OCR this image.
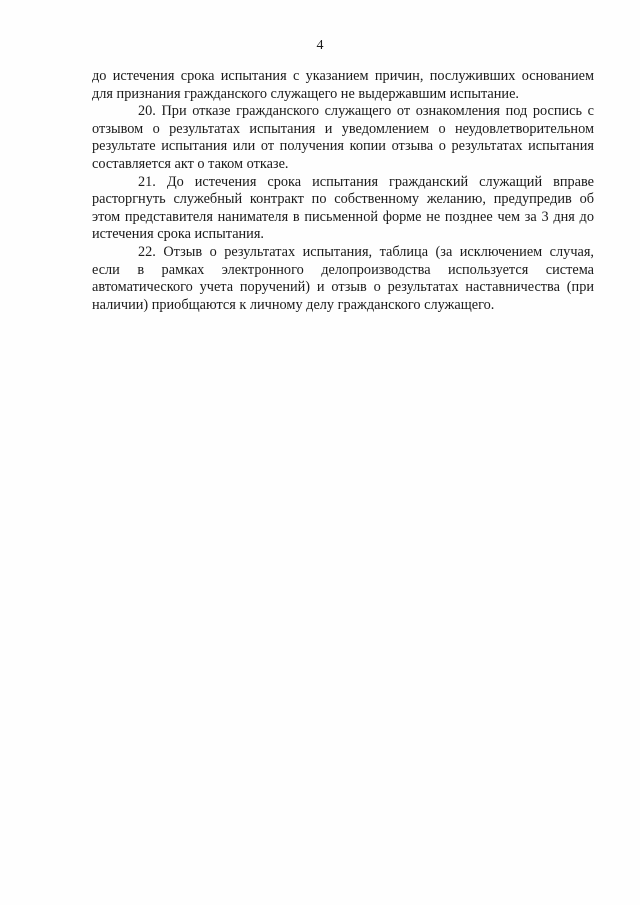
4

до истечения срока испытания с указанием причин, послуживших основанием для признания гражданского служащего не выдержавшим испытание.

20. При отказе гражданского служащего от ознакомления под роспись с отзывом о результатах испытания и уведомлением о неудовлетворительном результате испытания или от получения копии отзыва о результатах испытания составляется акт о таком отказе.

21. До истечения срока испытания гражданский служащий вправе расторгнуть служебный контракт по собственному желанию, предупредив об этом представителя нанимателя в письменной форме не позднее чем за 3 дня до истечения срока испытания.

22. Отзыв о результатах испытания, таблица (за исключением случая, если в рамках электронного делопроизводства используется система автоматического учета поручений) и отзыв о результатах наставничества (при наличии) приобщаются к личному делу гражданского служащего.
